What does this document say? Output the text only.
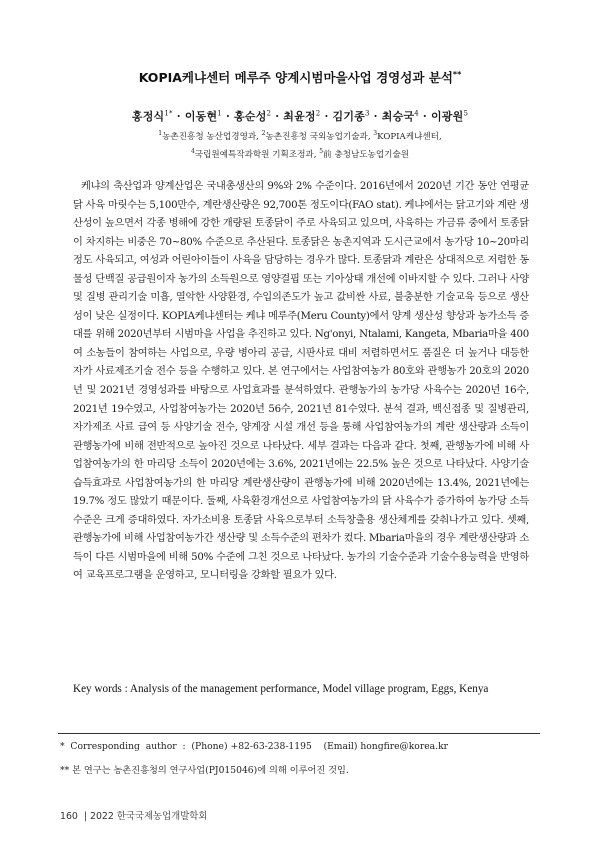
KOPIA케냐센터 메루주 양계시범마을사업 경영성과 분석**
홍정식$^{1*}$ · 이동현$^1$ · 홍순성$^2$ · 최윤정$^2$ · 김기종$^3$ · 최승국$^4$ · 이광원$^5$
$^1$농촌진흥청 농산업경영과, $^2$농촌진흥청 국외농업기술과, $^3$KOPIA케냐센터,
$^4$국립원예특작과학원 기획조정과, $^5$前 충청남도농업기술원

케냐의 축산업과 양계산업은 국내총생산의 9%와 2% 수준이다. 2016년에서 2020년 기간 동안 연평균 닭 사육 마릿수는 5,100만수, 계란생산량은 92,700톤 정도이다(FAO stat). 케냐에서는 닭고기와 계란 생산성이 높으면서 각종 병해에 강한 개량된 토종닭이 주로 사육되고 있으며, 사육하는 가금류 중에서 토종닭이 차지하는 비중은 70~80% 수준으로 추산된다. 토종닭은 농촌지역과 도시근교에서 농가당 10~20마리 정도 사육되고, 여성과 어린아이들이 사육을 담당하는 경우가 많다. 토종닭과 계란은 상대적으로 저렴한 동물성 단백질 공급원이자 농가의 소득원으로 영양결핍 또는 기아상태 개선에 이바지할 수 있다. 그러나 사양 및 질병 관리기술 미흡, 열악한 사양환경, 수입의존도가 높고 값비싼 사료, 불충분한 기술교육 등으로 생산성이 낮은 실정이다. KOPIA케냐센터는 케냐 메루주(Meru County)에서 양계 생산성 향상과 농가소득 증대를 위해 2020년부터 시범마을 사업을 추진하고 있다. Ng'onyi, Ntalami, Kangeta, Mbaria마을 400여 소농들이 참여하는 사업으로, 우량 병아리 공급, 시판사료 대비 저렴하면서도 품질은 더 높거나 대등한 자가 사료제조기술 전수 등을 수행하고 있다. 본 연구에서는 사업참여농가 80호와 관행농가 20호의 2020년 및 2021년 경영성과를 바탕으로 사업효과를 분석하였다. 관행농가의 농가당 사육수는 2020년 16수, 2021년 19수였고, 사업참여농가는 2020년 56수, 2021년 81수였다. 분석 결과, 백신접종 및 질병관리, 자가제조 사료 급여 등 사양기술 전수, 양계장 시설 개선 등을 통해 사업참여농가의 계란 생산량과 소득이 관행농가에 비해 전반적으로 높아진 것으로 나타났다. 세부 결과는 다음과 같다. 첫째, 관행농가에 비해 사업참여농가의 한 마리당 소득이 2020년에는 3.6%, 2021년에는 22.5% 높은 것으로 나타났다. 사양기술 습득효과로 사업참여농가의 한 마리당 계란생산량이 관행농가에 비해 2020년에는 13.4%, 2021년에는 19.7% 정도 많았기 때문이다. 둘째, 사육환경개선으로 사업참여농가의 닭 사육수가 증가하여 농가당 소득수준은 크게 증대하였다. 자가소비용 토종닭 사육으로부터 소득창출용 생산체계를 갖춰나가고 있다. 셋째, 관행농가에 비해 사업참여농가간 생산량 및 소득수준의 편차가 컸다. Mbaria마을의 경우 계란생산량과 소득이 다른 시범마을에 비해 50% 수준에 그친 것으로 나타났다. 농가의 기술수준과 기술수용능력을 반영하여 교육프로그램을 운영하고, 모니터링을 강화할 필요가 있다.

Key words : Analysis of the management performance, Model village program, Eggs, Kenya
*  Corresponding  author  :  (Phone) +82-63-238-1195    (Email) hongfire@korea.kr
** 본 연구는 농촌진흥청의 연구사업(PJ015046)에 의해 이루어진 것임.
160  | 2022 한국국제농업개발학회
